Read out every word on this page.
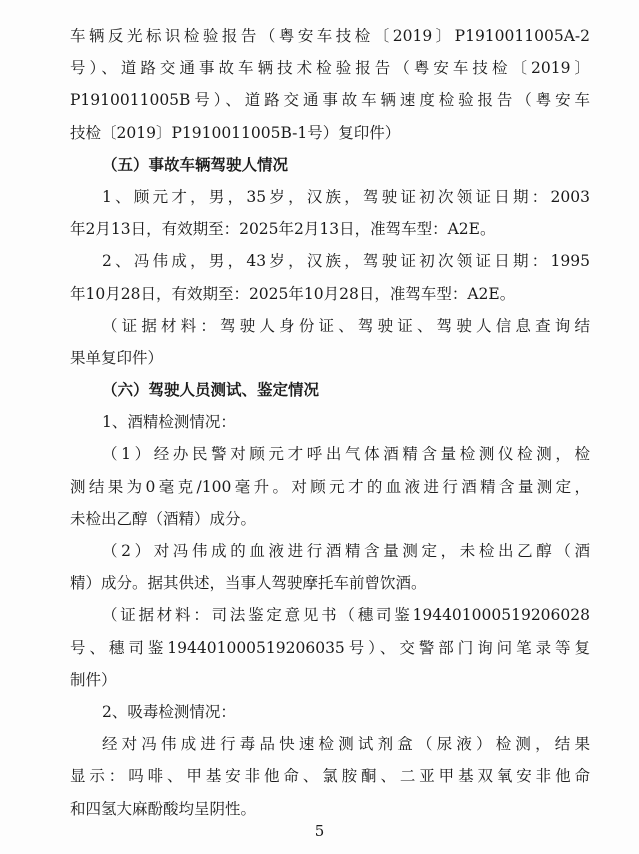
车辆反光标识检验报告（粤安车技检〔2019〕P1910011005A-2
号）、道路交通事故车辆技术检验报告（粤安车技检〔2019〕
P1910011005B号）、道路交通事故车辆速度检验报告（粤安车
技检〔2019〕P1910011005B-1号）复印件）
（五）事故车辆驾驶人情况
1、顾元才，男，35岁，汉族，驾驶证初次领证日期：2003
年2月13日，有效期至：2025年2月13日，准驾车型：A2E。
2、冯伟成，男，43岁，汉族，驾驶证初次领证日期：1995
年10月28日，有效期至：2025年10月28日，准驾车型：A2E。
（证据材料：驾驶人身份证、驾驶证、驾驶人信息查询结
果单复印件）
（六）驾驶人员测试、鉴定情况
1、酒精检测情况：
（1）经办民警对顾元才呼出气体酒精含量检测仪检测，检
测结果为0毫克/100毫升。对顾元才的血液进行酒精含量测定，
未检出乙醇（酒精）成分。
（2）对冯伟成的血液进行酒精含量测定，未检出乙醇（酒
精）成分。据其供述，当事人驾驶摩托车前曾饮酒。
（证据材料：司法鉴定意见书（穗司鉴194401000519206028
号、穗司鉴194401000519206035号）、交警部门询问笔录等复
制件）
2、吸毒检测情况：
经对冯伟成进行毒品快速检测试剂盒（尿液）检测，结果
显示：吗啡、甲基安非他命、氯胺酮、二亚甲基双氧安非他命
和四氢大麻酚酸均呈阴性。
5
